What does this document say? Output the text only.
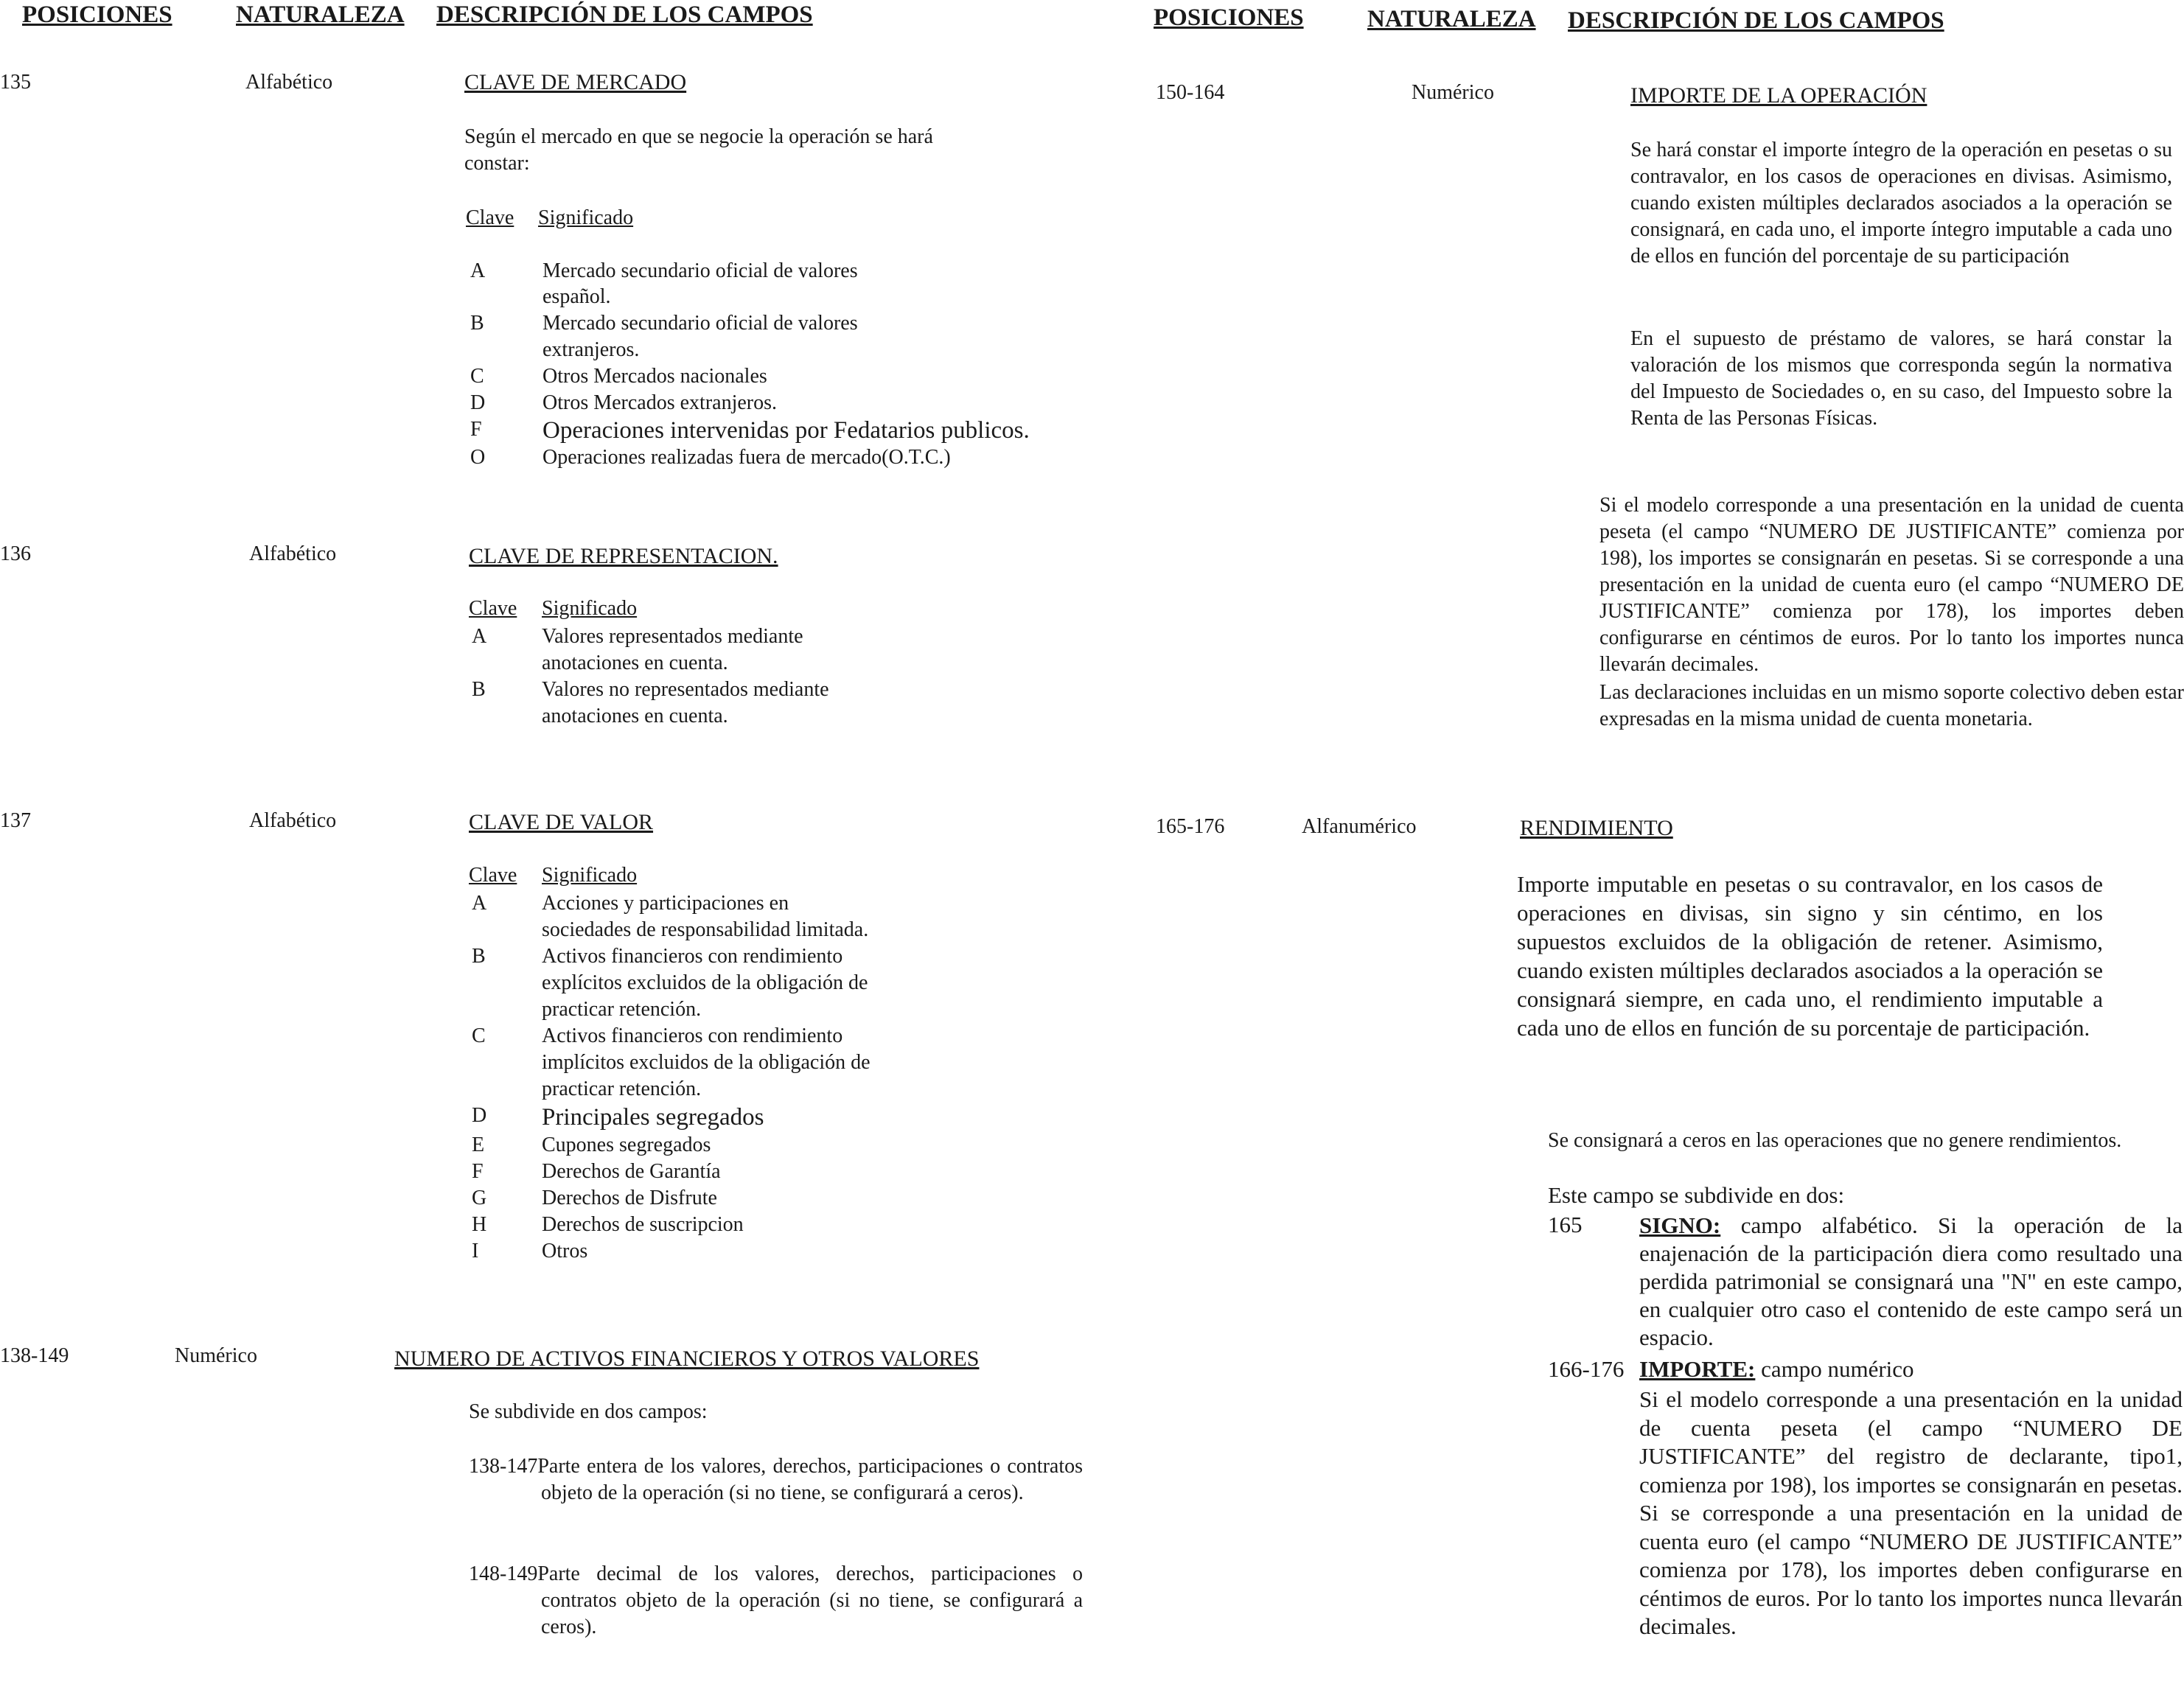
POSICIONES	NATURALEZA DESCRIPCIÓN DE LOS CAMPOS	POSICIONES	NATURALEZA DESCRIPCIÓN DE LOS CAMPOS
135	Alfabético	CLAVE DE MERCADO
Según el mercado en que se negocie la operación se hará constar:
Clave Significado
A	Mercado secundario oficial de valores
español.
B	Mercado secundario oficial de valores
extranjeros.
C	Otros Mercados nacionales
D	Otros Mercados extranjeros.
F	Operaciones intervenidas por Fedatarios publicos.
O	Operaciones realizadas fuera de mercado(O.T.C.)
136	Alfabético	CLAVE DE REPRESENTACION.
Clave Significado
A	Valores representados mediante
anotaciones en cuenta.
B	Valores no representados mediante
anotaciones en cuenta.
137	Alfabético	CLAVE DE VALOR
Clave Significado
A	Acciones y participaciones en
sociedades de responsabilidad limitada.
B	Activos financieros con rendimiento
explícitos excluidos de la obligación de
practicar retención.
C	Activos financieros con rendimiento
implícitos excluidos de la obligación de
practicar retención.
D	Principales segregados
E	Cupones segregados
F	Derechos de Garantía
G	Derechos de Disfrute
H	Derechos de suscripcion
I	Otros
138-149	Numérico	NUMERO DE ACTIVOS FINANCIEROS Y OTROS VALORES
Se subdivide en dos campos:
138-147Parte entera de los valores, derechos, participaciones o contratos objeto de la operación (si no tiene, se configurará a ceros).
148-149Parte decimal de los valores, derechos, participaciones o contratos objeto de la operación (si no tiene, se configurará a ceros).
150-164	Numérico	IMPORTE DE LA OPERACIÓN
Se hará constar el importe íntegro de la operación en pesetas o su contravalor, en los casos de operaciones en divisas. Asimismo, cuando existen múltiples declarados asociados a la operación se consignará, en cada uno, el importe íntegro imputable a cada uno de ellos en función del porcentaje de su participación
En el supuesto de préstamo de valores, se hará constar la valoración de los mismos que corresponda según la normativa del Impuesto de Sociedades o, en su caso, del Impuesto sobre la Renta de las Personas Físicas.
Si el modelo corresponde a una presentación en la unidad de cuenta peseta (el campo “NUMERO DE JUSTIFICANTE” comienza por 198), los importes se consignarán en pesetas. Si se corresponde a una presentación en la unidad de cuenta euro (el campo “NUMERO DE JUSTIFICANTE” comienza por 178), los importes deben configurarse en céntimos de euros. Por lo tanto los importes nunca llevarán decimales.
Las declaraciones incluidas en un mismo soporte colectivo deben estar expresadas en la misma unidad de cuenta monetaria.
165-176	Alfanumérico	RENDIMIENTO
Importe imputable en pesetas o su contravalor, en los casos de operaciones en divisas, sin signo y sin céntimo, en los supuestos excluidos de la obligación de retener. Asimismo, cuando existen múltiples declarados asociados a la operación se consignará siempre, en cada uno, el rendimiento imputable a cada uno de ellos en función de su porcentaje de participación.
Se consignará a ceros en las operaciones que no genere rendimientos.
Este campo se subdivide en dos:
165	SIGNO: campo alfabético. Si la operación de la enajenación de la participación diera como resultado una perdida patrimonial se consignará una "N" en este campo, en cualquier otro caso el contenido de este campo será un espacio.
166-176 IMPORTE: campo numérico
Si el modelo corresponde a una presentación en la unidad de cuenta peseta (el campo “NUMERO DE JUSTIFICANTE” del registro de declarante, tipo1, comienza por 198), los importes se consignarán en pesetas. Si se corresponde a una presentación en la unidad de cuenta euro (el campo “NUMERO DE JUSTIFICANTE” comienza por 178), los importes deben configurarse en céntimos de euros. Por lo tanto los importes nunca llevarán decimales.
